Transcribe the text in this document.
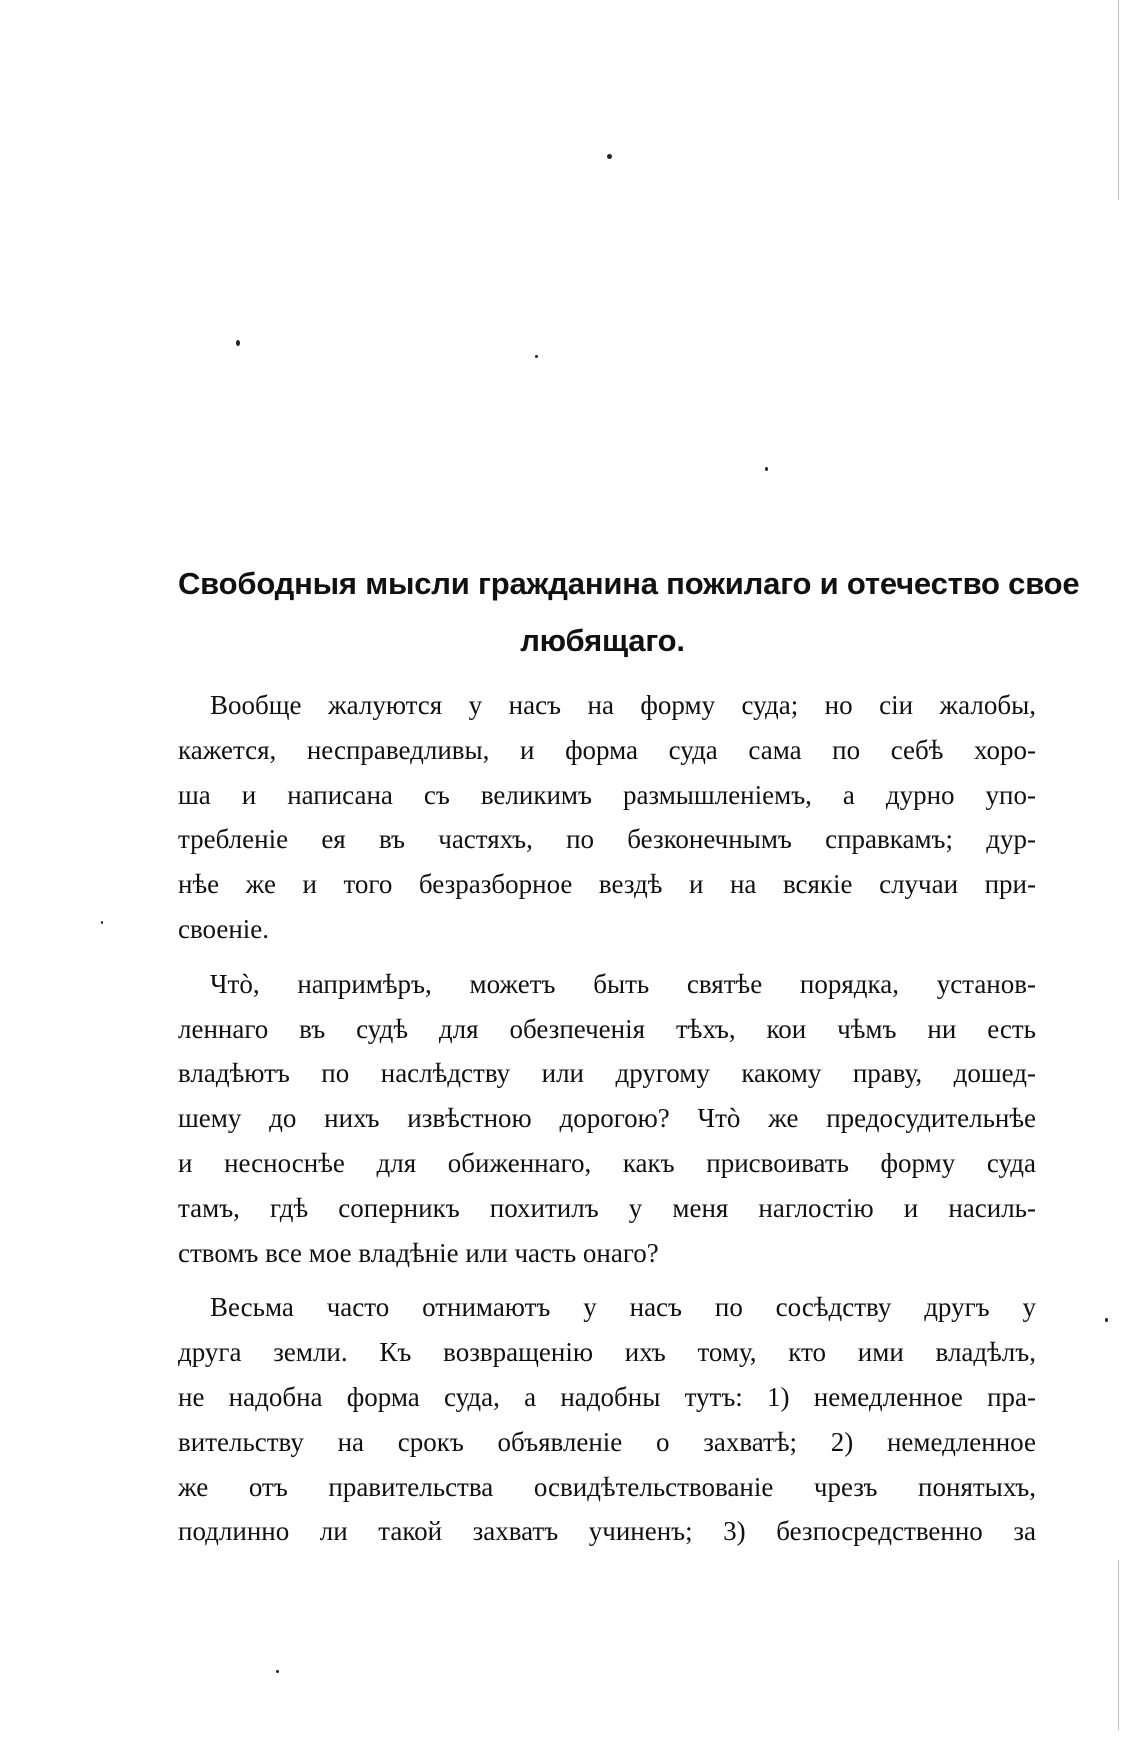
Свободныя мысли гражданина пожилаго и отечество свое
любящаго.
Вообще жалуются у насъ на форму суда; но сіи жалобы,
кажется, несправедливы, и форма суда сама по себѣ хоро-
ша и написана съ великимъ размышленіемъ, а дурно упо-
требленіе ея въ частяхъ, по безконечнымъ справкамъ; дур-
нѣе же и того безразборное вездѣ и на всякіе случаи при-
своеніе.
Чтò, напримѣръ, можетъ быть святѣе порядка, установ-
леннаго въ судѣ для обезпеченія тѣхъ, кои чѣмъ ни есть
владѣютъ по наслѣдству или другому какому праву, дошед-
шему до нихъ извѣстною дорогою? Чтò же предосудительнѣе
и несноснѣе для обиженнаго, какъ присвоивать форму суда
тамъ, гдѣ соперникъ похитилъ у меня наглостію и насиль-
ствомъ все мое владѣніе или часть онаго?
Весьма часто отнимаютъ у насъ по сосѣдству другъ у
друга земли. Къ возвращенію ихъ тому, кто ими владѣлъ,
не надобна форма суда, а надобны тутъ: 1) немедленное пра-
вительству на срокъ объявленіе о захватѣ; 2) немедленное
же отъ правительства освидѣтельствованіе чрезъ понятыхъ,
подлинно ли такой захватъ учиненъ; 3) безпосредственно за
